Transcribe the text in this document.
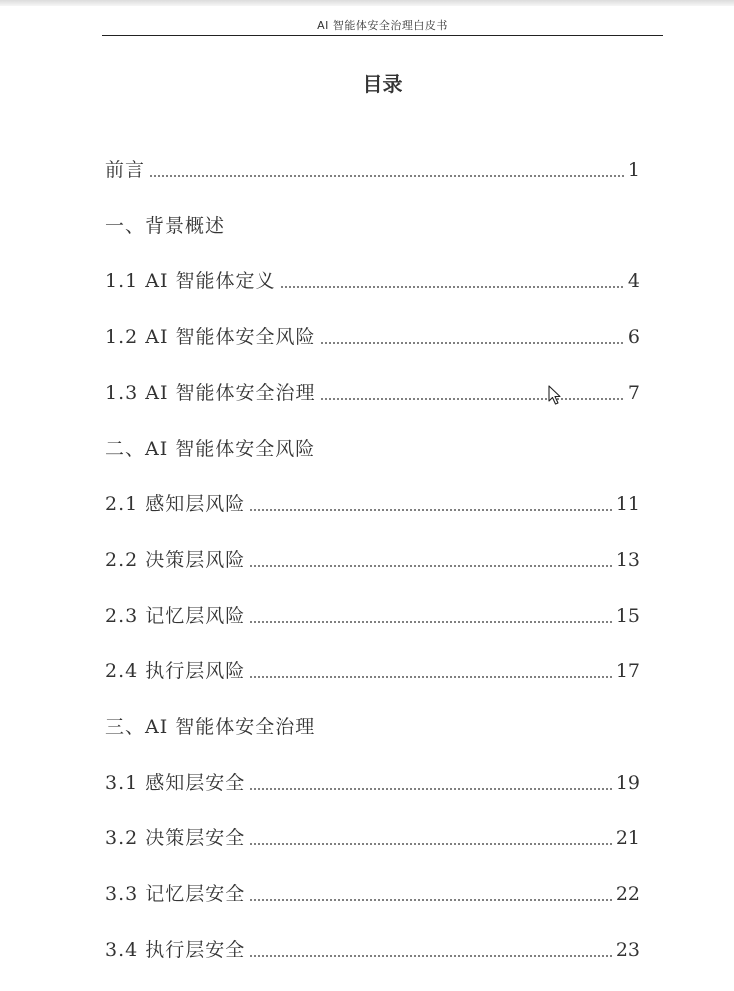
AI 智能体安全治理白皮书
目录
前言	1
一、背景概述
1.1 AI 智能体定义	4
1.2 AI 智能体安全风险	6
1.3 AI 智能体安全治理	7
二、AI 智能体安全风险
2.1 感知层风险	11
2.2 决策层风险	13
2.3 记忆层风险	15
2.4 执行层风险	17
三、AI 智能体安全治理
3.1 感知层安全	19
3.2 决策层安全	21
3.3 记忆层安全	22
3.4 执行层安全	23
